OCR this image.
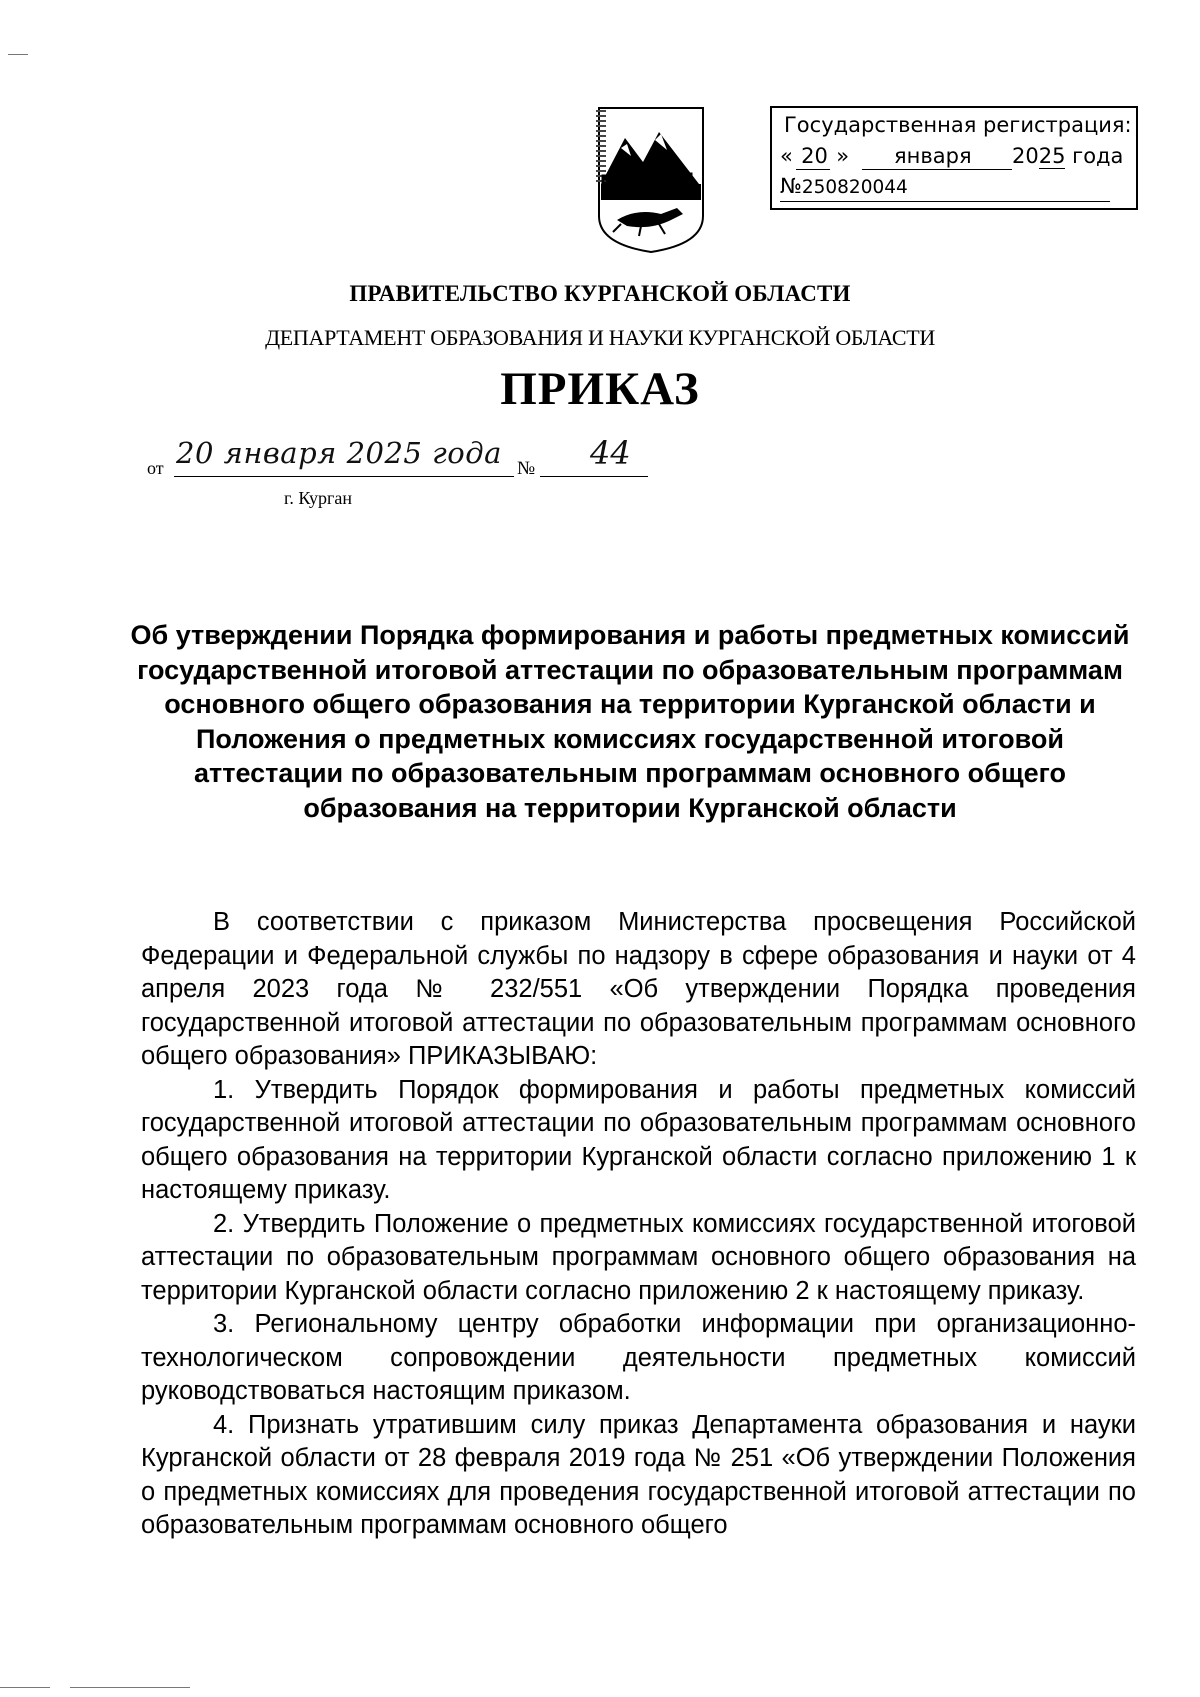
Государственная регистрация:
« 20 » января 2025 года
№250820044
ПРАВИТЕЛЬСТВО КУРГАНСКОЙ ОБЛАСТИ
ДЕПАРТАМЕНТ ОБРАЗОВАНИЯ И НАУКИ КУРГАНСКОЙ ОБЛАСТИ
ПРИКАЗ
от 20 января 2025 года № 44
г. Курган
Об утверждении Порядка формирования и работы предметных комиссий государственной итоговой аттестации по образовательным программам основного общего образования на территории Курганской области и Положения о предметных комиссиях государственной итоговой аттестации по образовательным программам основного общего образования на территории Курганской области

В соответствии с приказом Министерства просвещения Российской Федерации и Федеральной службы по надзору в сфере образования и науки от 4 апреля 2023 года № 232/551 «Об утверждении Порядка проведения государственной итоговой аттестации по образовательным программам основного общего образования» ПРИКАЗЫВАЮ:

1. Утвердить Порядок формирования и работы предметных комиссий государственной итоговой аттестации по образовательным программам основного общего образования на территории Курганской области согласно приложению 1 к настоящему приказу.

2. Утвердить Положение о предметных комиссиях государственной итоговой аттестации по образовательным программам основного общего образования на территории Курганской области согласно приложению 2 к настоящему приказу.

3. Региональному центру обработки информации при организационно-технологическом сопровождении деятельности предметных комиссий руководствоваться настоящим приказом.

4. Признать утратившим силу приказ Департамента образования и науки Курганской области от 28 февраля 2019 года № 251 «Об утверждении Положения о предметных комиссиях для проведения государственной итоговой аттестации по образовательным программам основного общего
